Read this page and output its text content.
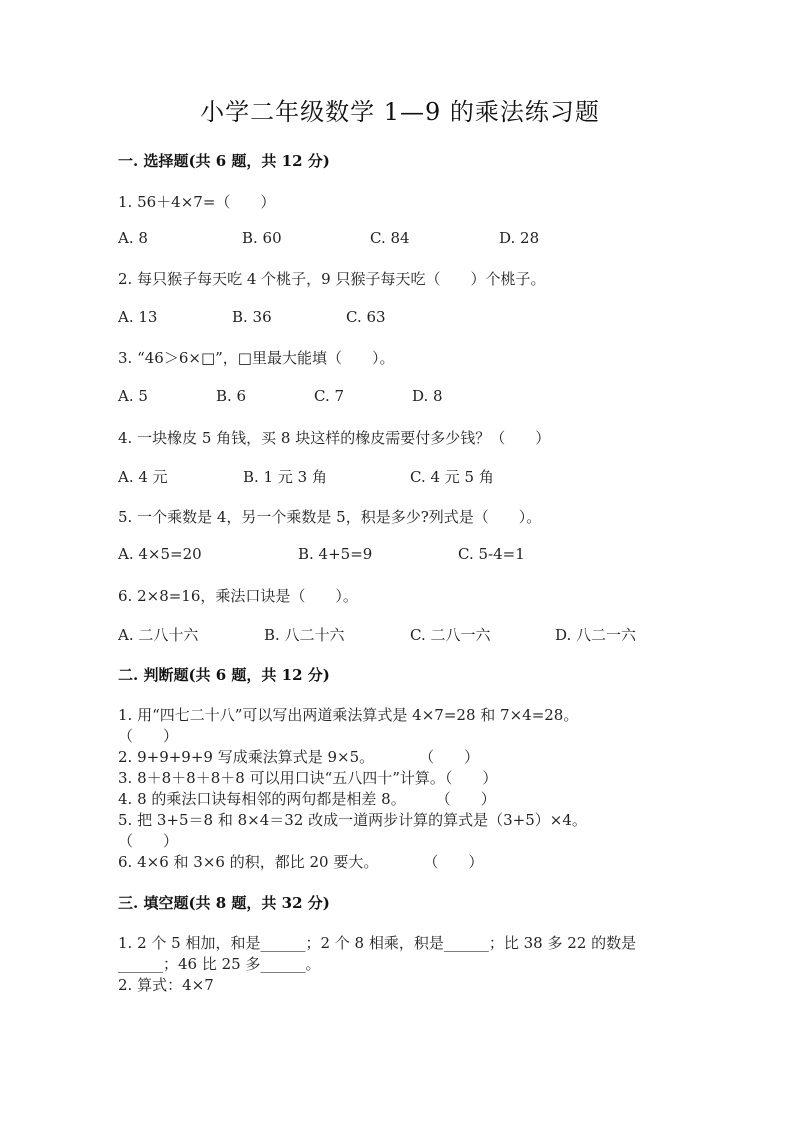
小学二年级数学 1—9 的乘法练习题
一. 选择题(共 6 题，共 12 分)
1. 56＋4×7=（　　）
A. 8	B. 60	C. 84	D. 28
2. 每只猴子每天吃 4 个桃子，9 只猴子每天吃（　　）个桃子。
A. 13	B. 36	C. 63
3. “46＞6×□”，□里最大能填（　　）。
A. 5	B. 6	C. 7	D. 8
4. 一块橡皮 5 角钱，买 8 块这样的橡皮需要付多少钱？（　　）
A. 4 元	B. 1 元 3 角	C. 4 元 5 角
5. 一个乘数是 4，另一个乘数是 5，积是多少?列式是（　　）。
A. 4×5=20	B. 4+5=9	C. 5-4=1
6. 2×8=16，乘法口诀是（　　）。
A. 二八十六	B. 八二十六	C. 二八一六	D. 八二一六
二. 判断题(共 6 题，共 12 分)
1. 用“四七二十八”可以写出两道乘法算式是 4×7=28 和 7×4=28。
（　　）
2. 9+9+9+9 写成乘法算式是 9×5。　　　　（　　）
3. 8＋8＋8＋8＋8 可以用口诀“五八四十”计算。（　　）
4. 8 的乘法口诀每相邻的两句都是相差 8。　　　（　　）
5. 把 3+5＝8 和 8×4＝32 改成一道两步计算的算式是（3+5）×4。
（　　）
6. 4×6 和 3×6 的积，都比 20 要大。　　　　（　　）
三. 填空题(共 8 题，共 32 分)
1. 2 个 5 相加，和是______；2 个 8 相乘，积是______；比 38 多 22 的数是
______；46 比 25 多______。
2. 算式：4×7
